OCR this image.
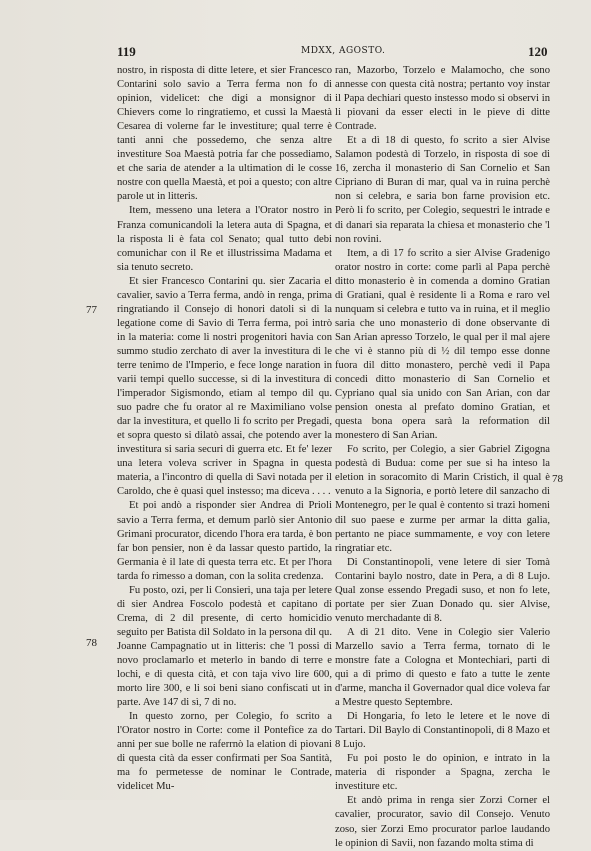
119	MDXX, AGOSTO.	120
77
78
78

nostro, in risposta di ditte letere, et sier Francesco Contarini solo savio a Terra ferma non fo di opinion, videlicet: che digi a monsignor di Chievers come lo ringratiemo, et cussì la Maestà Cesarea di volerne far le investiture; qual terre è tanti anni che possedemo, che senza altre investiture Soa Maestà potria far che possediamo, et che saria de atender a la ultimation di le cosse nostre con quella Maestà, et poi a questo; con altre parole ut in litteris.

Item, messeno una letera a l'Orator nostro in Franza comunicandoli la letera auta di Spagna, et la risposta li è fata col Senato; qual tutto debi comunichar con il Re et illustrissima Madama et sia tenuto secreto.

Et sier Francesco Contarini qu. sier Zacaria el cavalier, savio a Terra ferma, andò in renga, prima ringratiando il Consejo di honori datoli sì di la legatione come di Savio di Terra ferma, poi intrò in la materia: come li nostri progenitori havia con summo studio zerchato di aver la investitura di le terre tenimo de l'Imperio, e fece longe naration in varii tempi quello successe, sì di la investitura di l'imperador Sigismondo, etiam al tempo dil qu. suo padre che fu orator al re Maximiliano volse dar la investitura, et quello li fo scrito per Pregadi, et sopra questo si dilatò assai, che potendo aver la investitura si saria securi di guerra etc. Et fe' lezer una letera voleva scriver in Spagna in questa materia, a l'incontro di quella di Savi notada per il Caroldo, che è quasi quel instesso; ma diceva . . . .

Et poi andò a risponder sier Andrea di Prioli savio a Terra ferma, et demum parlò sier Antonio Grimani procurator, dicendo l'hora era tarda, è bon far bon pensier, non è da lassar questo partido, la Germania è il late di questa terra etc. Et per l'hora tarda fo rimesso a doman, con la solita credenza.

Fu posto, ozi, per li Consieri, una taja per letere di sier Andrea Foscolo podestà et capitano di Crema, di 2 dil presente, di certo homicidio seguito per Batista dil Soldato in la persona dil qu. Joanne Campagnatio ut in litteris: che 'l possi di novo proclamarlo et meterlo in bando di terre e lochi, e di questa cità, et con taja vivo lire 600, morto lire 300, e li soi beni siano confiscati ut in parte. Ave 147 di sì, 7 di no.

In questo zorno, per Colegio, fo scrito a l'Orator nostro in Corte: come il Pontefice za do anni per sue bolle ne raferrnò la elation di piovani di questa cità da esser confirmati per Soa Santità, ma fo permetesse de nominar le Contrade, videlicet Mu-

ran, Mazorbo, Torzelo e Malamocho, che sono annesse con questa cità nostra; pertanto voy instar il Papa dechiari questo instesso modo si observi in li piovani da esser electi in le pieve di ditte Contrade.

Et a dì 18 di questo, fo scrito a sier Alvise Salamon podestà di Torzelo, in risposta di soe di 16, zercha il monasterio di San Cornelio et San Cipriano di Buran di mar, qual va in ruina perchè non si celebra, e saria bon farne provision etc. Però li fo scrito, per Colegio, sequestri le intrade e di danari sia reparata la chiesa et monasterio che 'l non rovini.

Item, a dì 17 fo scrito a sier Alvise Gradenigo orator nostro in corte: come parlì al Papa perchè ditto monasterio è in comenda a domino Gratian di Gratiani, qual è residente li a Roma e raro vel nunquam si celebra e tutto va in ruina, et il meglio saria che uno monasterio di done observante di San Arian apresso Torzelo, le qual per il mal ajere che vi è stanno più di ½ dil tempo esse donne fuora dil ditto monastero, perchè vedi il Papa concedi ditto monasterio di San Cornelio et Cypriano qual sia unido con San Arian, con dar pension onesta al prefato domino Gratian, et questa bona opera sarà la reformation dil monestero di San Arian.

Fo scrito, per Colegio, a sier Gabriel Zigogna podestà di Budua: come per sue si ha inteso la eletion in soracomito di Marin Cristich, il qual è venuto a la Signoria, e portò letere dil sanzacho di Montenegro, per le qual è contento si trazi homeni dil suo paese e zurme per armar la ditta galia, pertanto ne piace summamente, e voy con letere ringratiar etc.

Di Constantinopoli, vene letere di sier Tomà Contarini baylo nostro, date in Pera, a dì 8 Lujo. Qual zonse essendo Pregadi suso, et non fo lete, portate per sier Zuan Donado qu. sier Alvise, venuto merchadante di 8.

A dì 21 dito. Vene in Colegio sier Valerio Marzello savio a Terra ferma, tornato di le monstre fate a Cologna et Montechiari, parti di qui a dì primo di questo e fato a tutte le zente d'arme, mancha il Governador qual dice voleva far a Mestre questo Septembre.

Di Hongaria, fo leto le letere et le nove di Tartari. Dil Baylo di Constantinopoli, di 8 Mazo et 8 Lujo.

Fu poi posto le do opinion, e intrato in la materia di risponder a Spagna, zercha le investiture etc.

Et andò prima in renga sier Zorzi Corner el cavalier, procurator, savio dil Consejo. Venuto zoso, sier Zorzi Emo procurator parloe laudando le opinion di Savii, non fazando molta stima di
